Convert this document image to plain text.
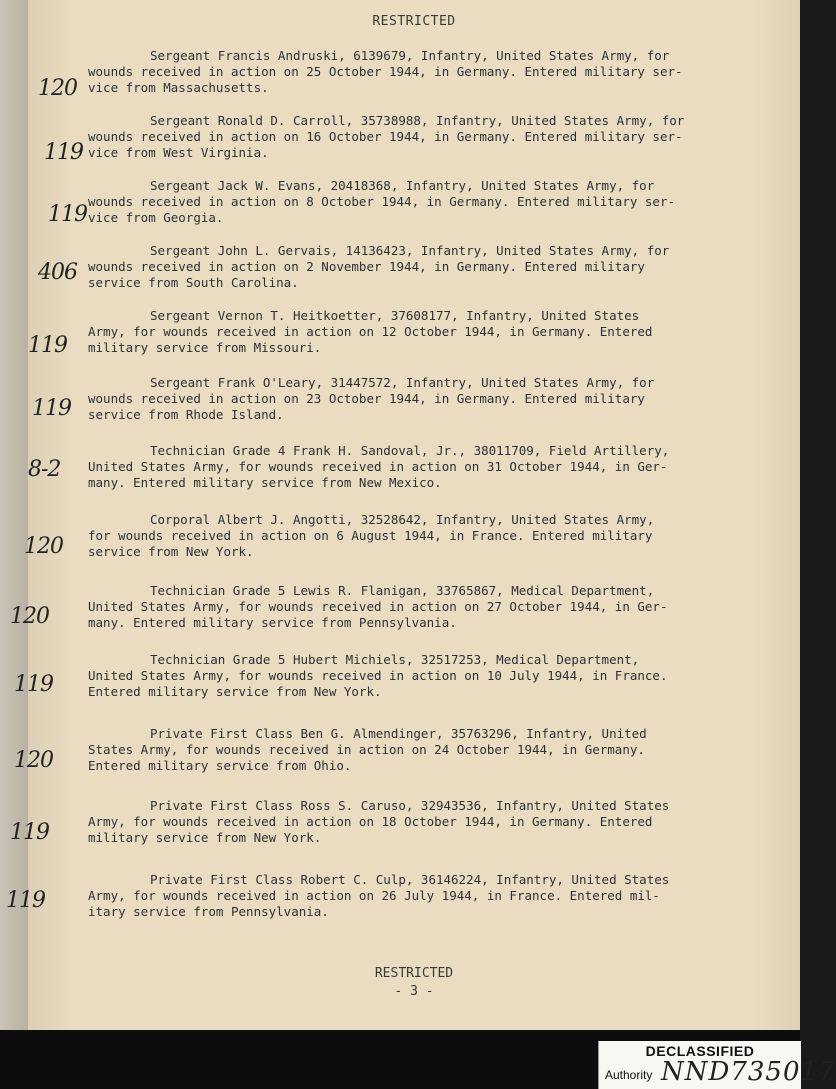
RESTRICTED
Sergeant Francis Andruski, 6139679, Infantry, United States Army, for
wounds received in action on 25 October 1944, in Germany. Entered military ser-
vice from Massachusetts.
120
Sergeant Ronald D. Carroll, 35738988, Infantry, United States Army, for
wounds received in action on 16 October 1944, in Germany. Entered military ser-
vice from West Virginia.
119
Sergeant Jack W. Evans, 20418368, Infantry, United States Army, for
wounds received in action on 8 October 1944, in Germany. Entered military ser-
vice from Georgia.
119
Sergeant John L. Gervais, 14136423, Infantry, United States Army, for
wounds received in action on 2 November 1944, in Germany. Entered military
service from South Carolina.
406
Sergeant Vernon T. Heitkoetter, 37608177, Infantry, United States
Army, for wounds received in action on 12 October 1944, in Germany. Entered
military service from Missouri.
119
Sergeant Frank O'Leary, 31447572, Infantry, United States Army, for
wounds received in action on 23 October 1944, in Germany. Entered military
service from Rhode Island.
119
Technician Grade 4 Frank H. Sandoval, Jr., 38011709, Field Artillery,
United States Army, for wounds received in action on 31 October 1944, in Ger-
many. Entered military service from New Mexico.
8-2
Corporal Albert J. Angotti, 32528642, Infantry, United States Army,
for wounds received in action on 6 August 1944, in France. Entered military
service from New York.
120
Technician Grade 5 Lewis R. Flanigan, 33765867, Medical Department,
United States Army, for wounds received in action on 27 October 1944, in Ger-
many. Entered military service from Pennsylvania.
120
Technician Grade 5 Hubert Michiels, 32517253, Medical Department,
United States Army, for wounds received in action on 10 July 1944, in France.
Entered military service from New York.
119
Private First Class Ben G. Almendinger, 35763296, Infantry, United
States Army, for wounds received in action on 24 October 1944, in Germany.
Entered military service from Ohio.
120
Private First Class Ross S. Caruso, 32943536, Infantry, United States
Army, for wounds received in action on 18 October 1944, in Germany. Entered
military service from New York.
119
Private First Class Robert C. Culp, 36146224, Infantry, United States
Army, for wounds received in action on 26 July 1944, in France. Entered mil-
itary service from Pennsylvania.
119
RESTRICTED
- 3 -
DECLASSIFIED
Authority NND735017
